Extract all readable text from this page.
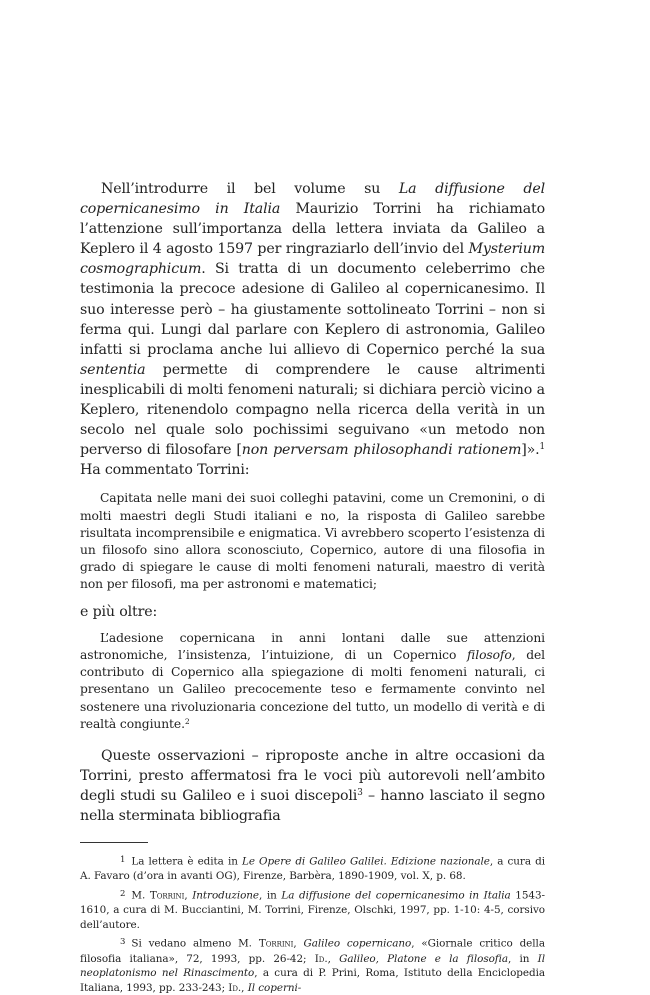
Nell’introdurre il bel volume su La diffusione del copernicanesimo in Italia Maurizio Torrini ha richiamato l’attenzione sull’importanza della lettera inviata da Galileo a Keplero il 4 agosto 1597 per ringraziarlo dell’invio del Mysterium cosmographicum. Si tratta di un documento celeberrimo che testimonia la precoce adesione di Galileo al copernicanesimo. Il suo interesse però – ha giustamente sottolineato Torrini – non si ferma qui. Lungi dal parlare con Keplero di astronomia, Galileo infatti si proclama anche lui allievo di Copernico perché la sua sententia permette di comprendere le cause altrimenti inesplicabili di molti fenomeni naturali; si dichiara perciò vicino a Keplero, ritenendolo compagno nella ricerca della verità in un secolo nel quale solo pochissimi seguivano «un metodo non perverso di filosofare [non perversam philosophandi rationem]».$^1$ Ha commentato Torrini:

Capitata nelle mani dei suoi colleghi patavini, come un Cremonini, o di molti maestri degli Studi italiani e no, la risposta di Galileo sarebbe risultata incomprensibile e enigmatica. Vi avrebbero scoperto l’esistenza di un filosofo sino allora sconosciuto, Copernico, autore di una filosofia in grado di spiegare le cause di molti fenomeni naturali, maestro di verità non per filosofi, ma per astronomi e matematici;

e più oltre:

L’adesione copernicana in anni lontani dalle sue attenzioni astronomiche, l’insistenza, l’intuizione, di un Copernico filosofo, del contributo di Copernico alla spiegazione di molti fenomeni naturali, ci presentano un Galileo precocemente teso e fermamente convinto nel sostenere una rivoluzionaria concezione del tutto, un modello di verità e di realtà congiunte.$^2$

Queste osservazioni – riproposte anche in altre occasioni da Torrini, presto affermatosi fra le voci più autorevoli nell’ambito degli studi su Galileo e i suoi discepoli$^3$ – hanno lasciato il segno nella sterminata bibliografia

1 La lettera è edita in Le Opere di Galileo Galilei. Edizione nazionale, a cura di A. Favaro (d’ora in avanti OG), Firenze, Barbèra, 1890-1909, vol. X, p. 68.

2 M. Torrini, Introduzione, in La diffusione del copernicanesimo in Italia 1543-1610, a cura di M. Bucciantini, M. Torrini, Firenze, Olschki, 1997, pp. 1-10: 4-5, corsivo dell’autore.

3 Si vedano almeno M. Torrini, Galileo copernicano, «Giornale critico della filosofia italiana», 72, 1993, pp. 26-42; Id., Galileo, Platone e la filosofia, in Il neoplatonismo nel Rinascimento, a cura di P. Prini, Roma, Istituto della Enciclopedia Italiana, 1993, pp. 233-243; Id., Il coperni-
